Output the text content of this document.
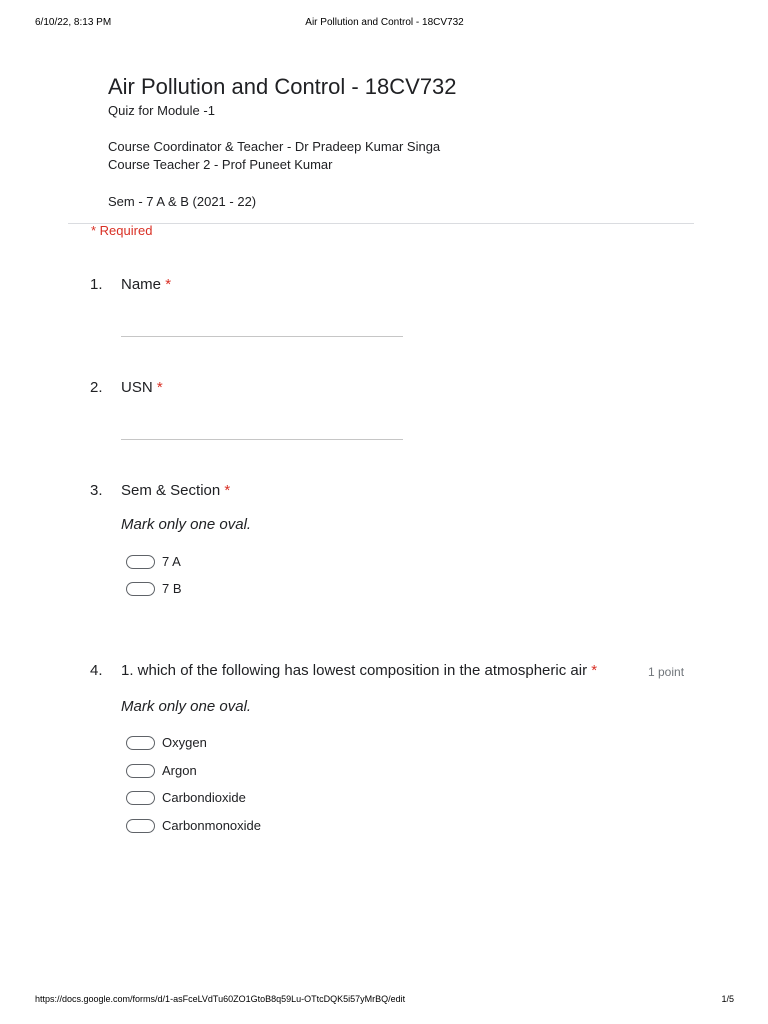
6/10/22, 8:13 PM	Air Pollution and Control - 18CV732
Air Pollution and Control - 18CV732
Quiz for Module -1
Course Coordinator & Teacher - Dr Pradeep Kumar Singa
Course Teacher 2 - Prof Puneet Kumar
Sem - 7 A & B (2021 - 22)
* Required
1. Name *
2. USN *
3. Sem & Section *
Mark only one oval.
7 A
7 B
4. 1. which of the following has lowest composition in the atmospheric air *	1 point
Mark only one oval.
Oxygen
Argon
Carbondioxide
Carbonmonoxide
https://docs.google.com/forms/d/1-asFceLVdTu60ZO1GtoB8q59Lu-OTtcDQK5i57yMrBQ/edit	1/5
